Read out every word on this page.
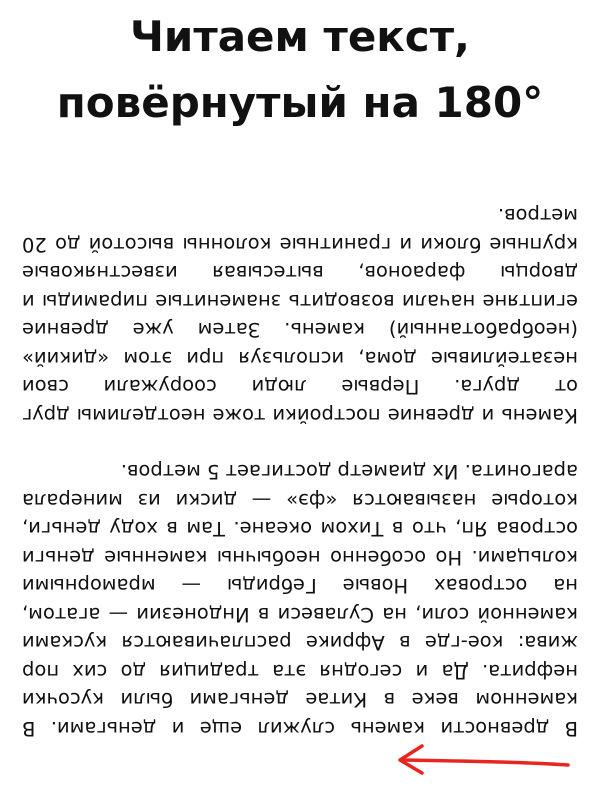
Читаем текст,
повёрнутый на 180°

В древности камень служил еще и деньгами. В каменном веке в Китае деньгами были кусочки нефрита. Да и сегодня эта традиция до сих пор жива: кое-где в Африке расплачиваются кусками каменной соли, на Сулавеси в Индонезии — агатом, на островах Новые Гебриды — мраморными кольцами. Но особенно необычны каменные деньги острова Яп, что в Тихом океане. Там в ходу деньги, которые называются «фэ» — диски из минерала арагонита. Их диаметр достигает 5 метров.

Камень и древние постройки тоже неотделимы друг от друга. Первые люди сооружали свои незатейливые дома, используя при этом «дикий» (необработанный) камень. Затем уже древние египтяне начали возводить знаменитые пирамиды и дворцы фараонов, вытесывая известняковые крупные блоки и гранитные колонны высотой до 20 метров.
